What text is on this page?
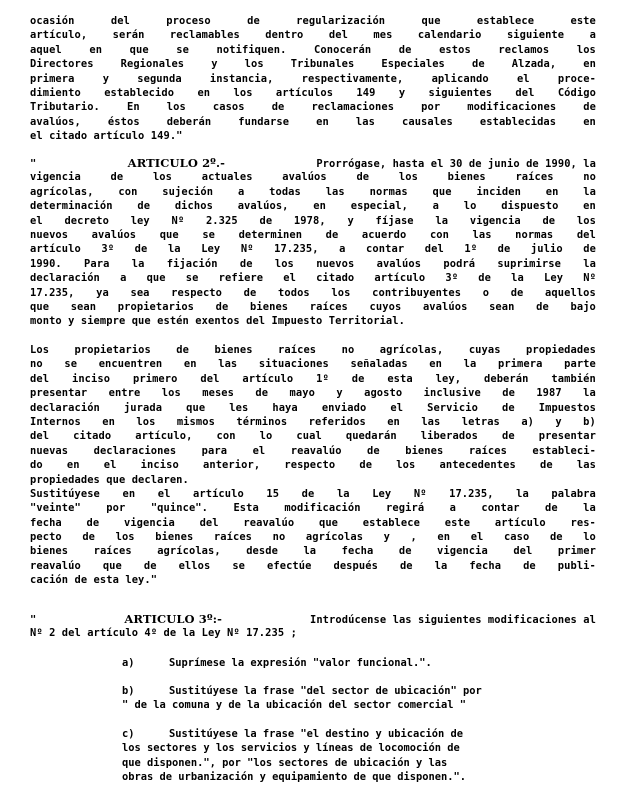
ocasión	del	proceso	de	regularización	que	establece	este
artículo, serán reclamables dentro del mes calendario siguiente a
aquel	en	que	se	notifiquen.	Conocerán	de	estos	reclamos	los
Directores	Regionales	y	los	Tribunales	Especiales	de	Alzada,	en
primera	y	segunda	instancia,	respectivamente,	aplicando	el	proce-
dimiento establecido en los artículos 149 y siguientes del Código
Tributario.	En	los	casos	de	reclamaciones	por	modificaciones	de
avalúos,	éstos	deberán	fundarse	en	las	causales	establecidas	en
el citado artículo 149."
"	ARTICULO 2º.-	Prorrógase, hasta el 30 de junio de 1990, la
vigencia	de	los	actuales	avalúos	de	los	bienes	raíces	no
agrícolas, con sujeción a todas las normas que inciden en la
determinación de dichos avalúos, en especial, a lo dispuesto en
el decreto ley Nº 2.325 de 1978, y fíjase la vigencia de los
nuevos avalúos que se determinen de acuerdo con las normas del
artículo 3º de la Ley Nº 17.235, a contar del 1º de julio de
1990. Para la fijación de los nuevos avalúos podrá suprimirse la
declaración a que se refiere el citado artículo 3º de la Ley Nº
17.235, ya sea respecto de todos los contribuyentes o de aquellos
que sean propietarios de bienes raíces cuyos avalúos sean de bajo
monto y siempre que estén exentos del Impuesto Territorial.
Los propietarios de bienes raíces no agrícolas, cuyas propiedades
no se encuentren en las situaciones señaladas en la primera parte
del inciso primero del artículo 1º de esta ley, deberán también
presentar entre los meses de mayo y agosto inclusive de 1987 la
declaración jurada que les haya enviado el Servicio de Impuestos
Internos en los mismos términos referidos en las letras a) y b)
del citado artículo, con lo cual quedarán liberados de presentar
nuevas declaraciones para el reavalúo de bienes raíces estableci-
do en el inciso anterior, respecto de los antecedentes de las
propiedades que declaren.
Sustitúyese en el artículo 15 de la Ley Nº 17.235, la palabra
"veinte" por "quince". Esta modificación regirá a contar de la
fecha de vigencia del reavalúo que establece este artículo res-
pecto de los bienes raíces no agrícolas y , en el caso de lo
bienes raíces agrícolas, desde la fecha de vigencia del primer
reavalúo que de ellos se efectúe después de la fecha de publi-
cación de esta ley."
"	ARTICULO 3º:-	Introdúcense las siguientes modificaciones al
Nº 2 del artículo 4º de la Ley Nº 17.235 ;
a)	Suprímese la expresión "valor funcional.".
b)	Sustitúyese la frase "del sector de ubicación" por
" de la comuna y de la ubicación del sector comercial "
c)	Sustitúyese la frase "el destino y ubicación de
los sectores y los servicios y líneas de locomoción de
que disponen.", por "los sectores de ubicación y las
obras de urbanización y equipamiento de que disponen.".
